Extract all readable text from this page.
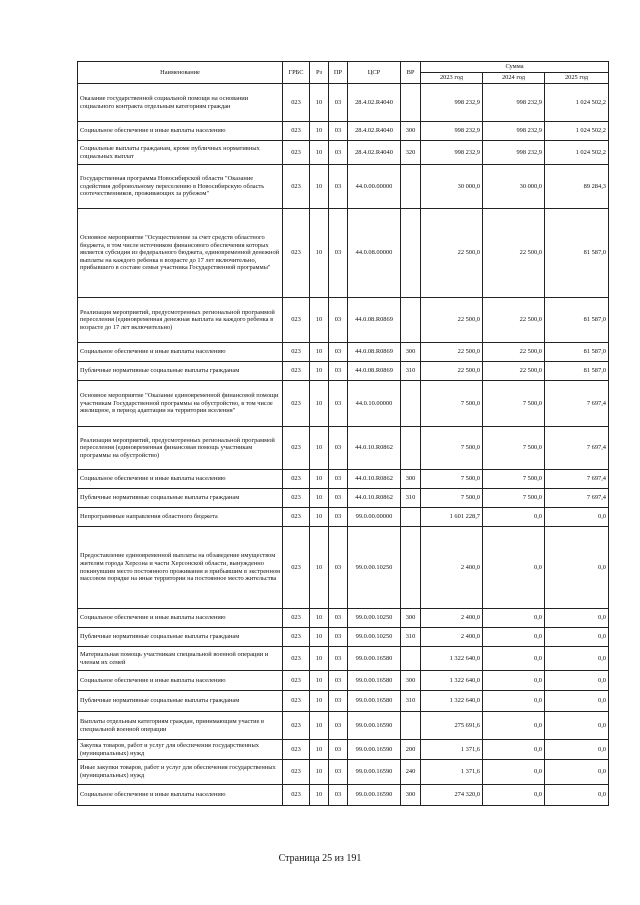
Наименование	ГРБС	Рз	ПР	ЦСР	ВР	Сумма		
						2023 год	2024 год	2025 год
Оказание государственной социальной помощи на основании социального контракта отдельным категориям граждан	023	10	03	28.4.02.R4040		998 232,9	998 232,9	1 024 502,2
Социальное обеспечение и иные выплаты населению	023	10	03	28.4.02.R4040	300	998 232,9	998 232,9	1 024 502,2
Социальные выплаты гражданам, кроме публичных нормативных социальных выплат	023	10	03	28.4.02.R4040	320	998 232,9	998 232,9	1 024 502,2
Государственная программа Новосибирской области "Оказание содействия добровольному переселению в Новосибирскую область соотечественников, проживающих за рубежом"	023	10	03	44.0.00.00000		30 000,0	30 000,0	89 284,3
Основное мероприятие "Осуществление за счет средств областного бюджета, в том числе источником финансового обеспечения которых является субсидия из федерального бюджета, единовременной денежной выплаты на каждого ребенка в возрасте до 17 лет включительно, прибывшего в составе семьи участника Государственной программы"	023	10	03	44.0.08.00000		22 500,0	22 500,0	81 587,0
Реализация мероприятий, предусмотренных региональной программой переселения (единовременная денежная выплата на каждого ребенка в возрасте до 17 лет включительно)	023	10	03	44.0.08.R0869		22 500,0	22 500,0	81 587,0
Социальное обеспечение и иные выплаты населению	023	10	03	44.0.08.R0869	300	22 500,0	22 500,0	81 587,0
Публичные нормативные социальные выплаты гражданам	023	10	03	44.0.08.R0869	310	22 500,0	22 500,0	81 587,0
Основное мероприятие "Оказание единовременной финансовой помощи участникам Государственной программы на обустройство, в том числе жилищное, в период адаптации на территории вселения"	023	10	03	44.0.10.00000		7 500,0	7 500,0	7 697,4
Реализация мероприятий, предусмотренных региональной программой переселения (единовременная финансовая помощь участникам программы на обустройство)	023	10	03	44.0.10.R0862		7 500,0	7 500,0	7 697,4
Социальное обеспечение и иные выплаты населению	023	10	03	44.0.10.R0862	300	7 500,0	7 500,0	7 697,4
Публичные нормативные социальные выплаты гражданам	023	10	03	44.0.10.R0862	310	7 500,0	7 500,0	7 697,4
Непрограммные направления областного бюджета	023	10	03	99.0.00.00000		1 601 228,7	0,0	0,0
Предоставление единовременной выплаты на обзаведение имуществом жителям города Херсона и части Херсонской области, вынужденно покинувшим место постоянного проживания и прибывшим в экстренном массовом порядке на иные территории на постоянное место жительства	023	10	03	99.0.00.10250		2 400,0	0,0	0,0
Социальное обеспечение и иные выплаты населению	023	10	03	99.0.00.10250	300	2 400,0	0,0	0,0
Публичные нормативные социальные выплаты гражданам	023	10	03	99.0.00.10250	310	2 400,0	0,0	0,0
Материальная помощь участникам специальной военной операции и членам их семей	023	10	03	99.0.00.16580		1 322 640,0	0,0	0,0
Социальное обеспечение и иные выплаты населению	023	10	03	99.0.00.16580	300	1 322 640,0	0,0	0,0
Публичные нормативные социальные выплаты гражданам	023	10	03	99.0.00.16580	310	1 322 640,0	0,0	0,0
Выплаты отдельным категориям граждан, принимающим участие в специальной военной операции	023	10	03	99.0.00.16590		275 691,6	0,0	0,0
Закупка товаров, работ и услуг для обеспечения государственных (муниципальных) нужд	023	10	03	99.0.00.16590	200	1 371,6	0,0	0,0
Иные закупки товаров, работ и услуг для обеспечения государственных (муниципальных) нужд	023	10	03	99.0.00.16590	240	1 371,6	0,0	0,0
Социальное обеспечение и иные выплаты населению	023	10	03	99.0.00.16590	300	274 320,0	0,0	0,0
Страница 25 из 191
